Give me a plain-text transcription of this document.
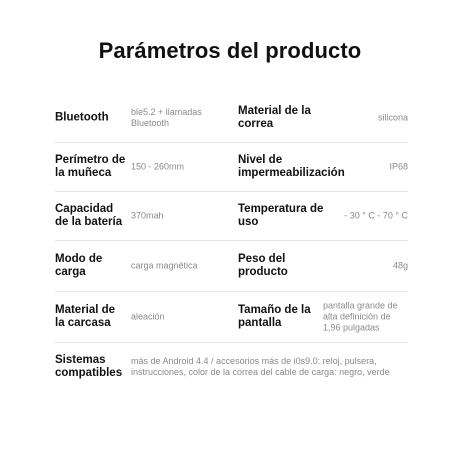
Parámetros del producto
Bluetooth	ble5.2 + llamadas Bluetooth
Material de la correa
silicona
Perímetro de la muñeca
150 - 260mm
Nivel de impermeabilización
IP68
Capacidad de la batería
370mah
Temperatura de uso
- 30 ° C - 70 ° C
Modo de carga
carga magnética
Peso del producto
48g
Material de la carcasa
aleación
Tamaño de la pantalla
pantalla grande de alta definición de 1,96 pulgadas
Sistemas compatibles
más de Android 4.4 / accesorios más de i0s9.0: reloj, pulsera, instrucciones, color de la correa del cable de carga: negro, verde
